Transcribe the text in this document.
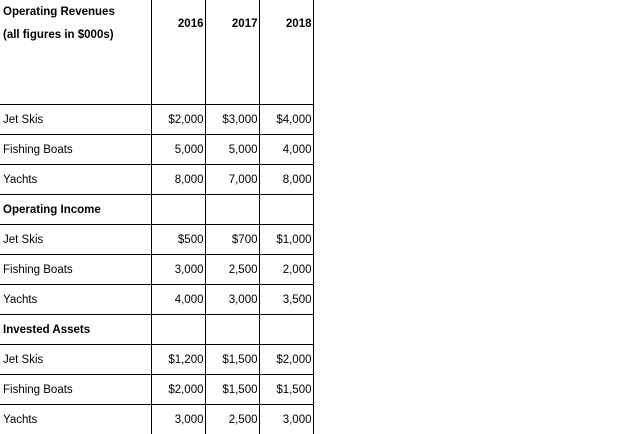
Operating Revenues
(all figures in $000s)	2016	2017	2018
Jet Skis	$2,000	$3,000	$4,000
Fishing Boats	5,000	5,000	4,000
Yachts	8,000	7,000	8,000
Operating Income			
Jet Skis	$500	$700	$1,000
Fishing Boats	3,000	2,500	2,000
Yachts	4,000	3,000	3,500
Invested Assets			
Jet Skis	$1,200	$1,500	$2,000
Fishing Boats	$2,000	$1,500	$1,500
Yachts	3,000	2,500	3,000
